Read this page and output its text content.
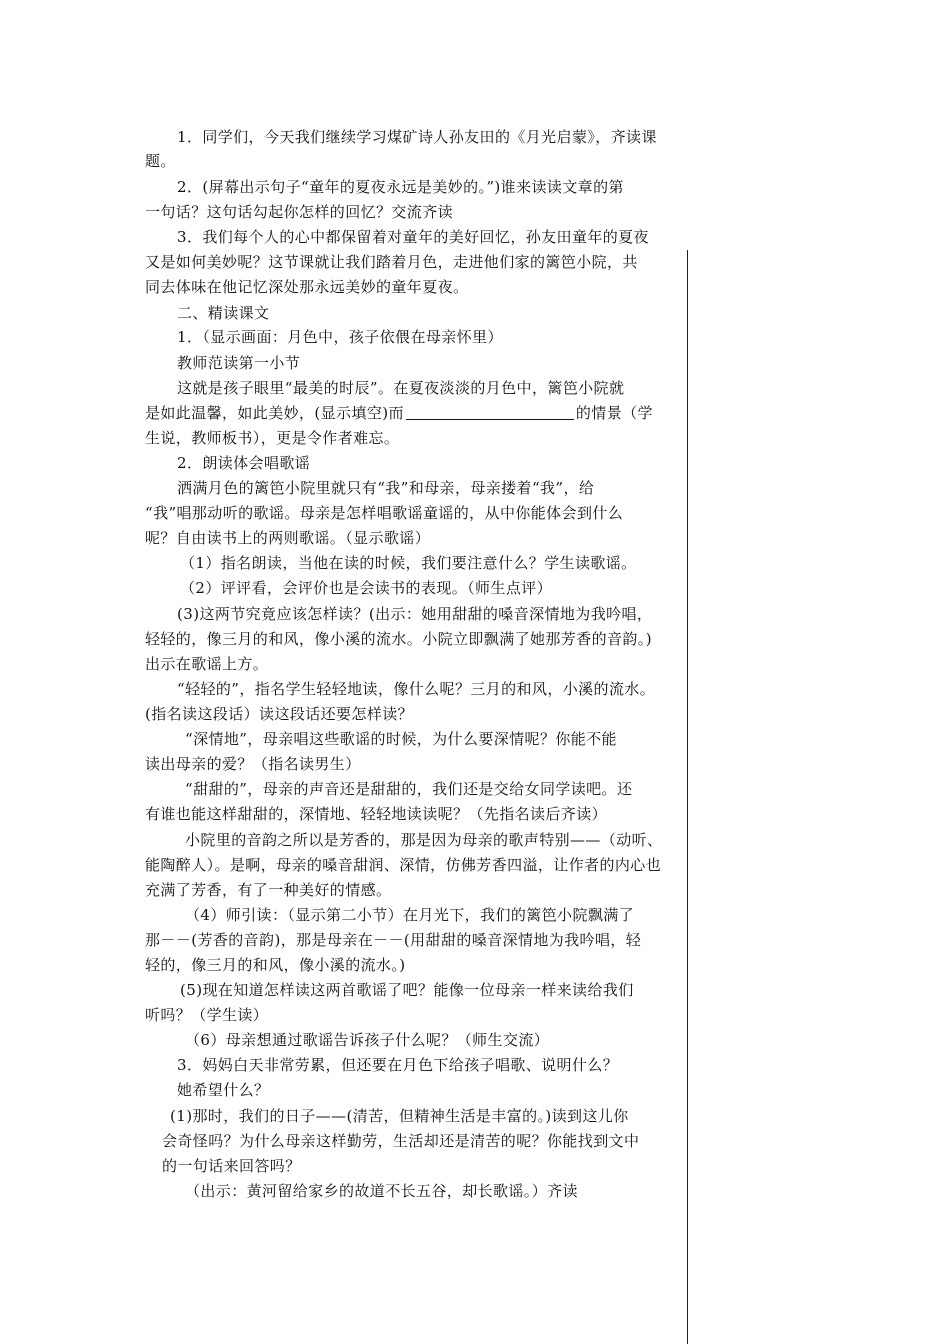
1．同学们，今天我们继续学习煤矿诗人孙友田的《月光启蒙》，齐读课
题。
2．(屏幕出示句子“童年的夏夜永远是美妙的。”)谁来读读文章的第
一句话？这句话勾起你怎样的回忆？交流齐读
3．我们每个人的心中都保留着对童年的美好回忆，孙友田童年的夏夜
又是如何美妙呢？这节课就让我们踏着月色，走进他们家的篱笆小院，共
同去体味在他记忆深处那永远美妙的童年夏夜。
二、精读课文
1．（显示画面：月色中，孩子依偎在母亲怀里）
教师范读第一小节
这就是孩子眼里“最美的时辰”。在夏夜淡淡的月色中，篱笆小院就
是如此温馨，如此美妙，(显示填空)而	的情景（学
生说，教师板书），更是令作者难忘。
2．朗读体会唱歌谣
洒满月色的篱笆小院里就只有“我”和母亲，母亲搂着“我”，给
“我”唱那动听的歌谣。母亲是怎样唱歌谣童谣的，从中你能体会到什么
呢？自由读书上的两则歌谣。（显示歌谣）
（1）指名朗读，当他在读的时候，我们要注意什么？学生读歌谣。
（2）评评看，会评价也是会读书的表现。（师生点评）
(3)这两节究竟应该怎样读？(出示：她用甜甜的嗓音深情地为我吟唱，
轻轻的，像三月的和风，像小溪的流水。小院立即飘满了她那芳香的音韵。)
出示在歌谣上方。
“轻轻的”，指名学生轻轻地读，像什么呢？三月的和风，小溪的流水。
(指名读这段话）读这段话还要怎样读？
“深情地”，母亲唱这些歌谣的时候，为什么要深情呢？你能不能
读出母亲的爱？（指名读男生）
“甜甜的”，母亲的声音还是甜甜的，我们还是交给女同学读吧。还
有谁也能这样甜甜的，深情地、轻轻地读读呢？（先指名读后齐读）
小院里的音韵之所以是芳香的，那是因为母亲的歌声特别——（动听、
能陶醉人）。是啊，母亲的嗓音甜润、深情，仿佛芳香四溢，让作者的内心也
充满了芳香，有了一种美好的情感。
（4）师引读：（显示第二小节）在月光下，我们的篱笆小院飘满了
那－－(芳香的音韵)，那是母亲在－－(用甜甜的嗓音深情地为我吟唱，轻
轻的，像三月的和风，像小溪的流水。)
(5)现在知道怎样读这两首歌谣了吧？能像一位母亲一样来读给我们
听吗？（学生读）
（6）母亲想通过歌谣告诉孩子什么呢？（师生交流）
3．妈妈白天非常劳累，但还要在月色下给孩子唱歌、说明什么？
她希望什么？
(1)那时，我们的日子——(清苦，但精神生活是丰富的。)读到这儿你
会奇怪吗？为什么母亲这样勤劳，生活却还是清苦的呢？你能找到文中
的一句话来回答吗？
（出示：黄河留给家乡的故道不长五谷，却长歌谣。）齐读
